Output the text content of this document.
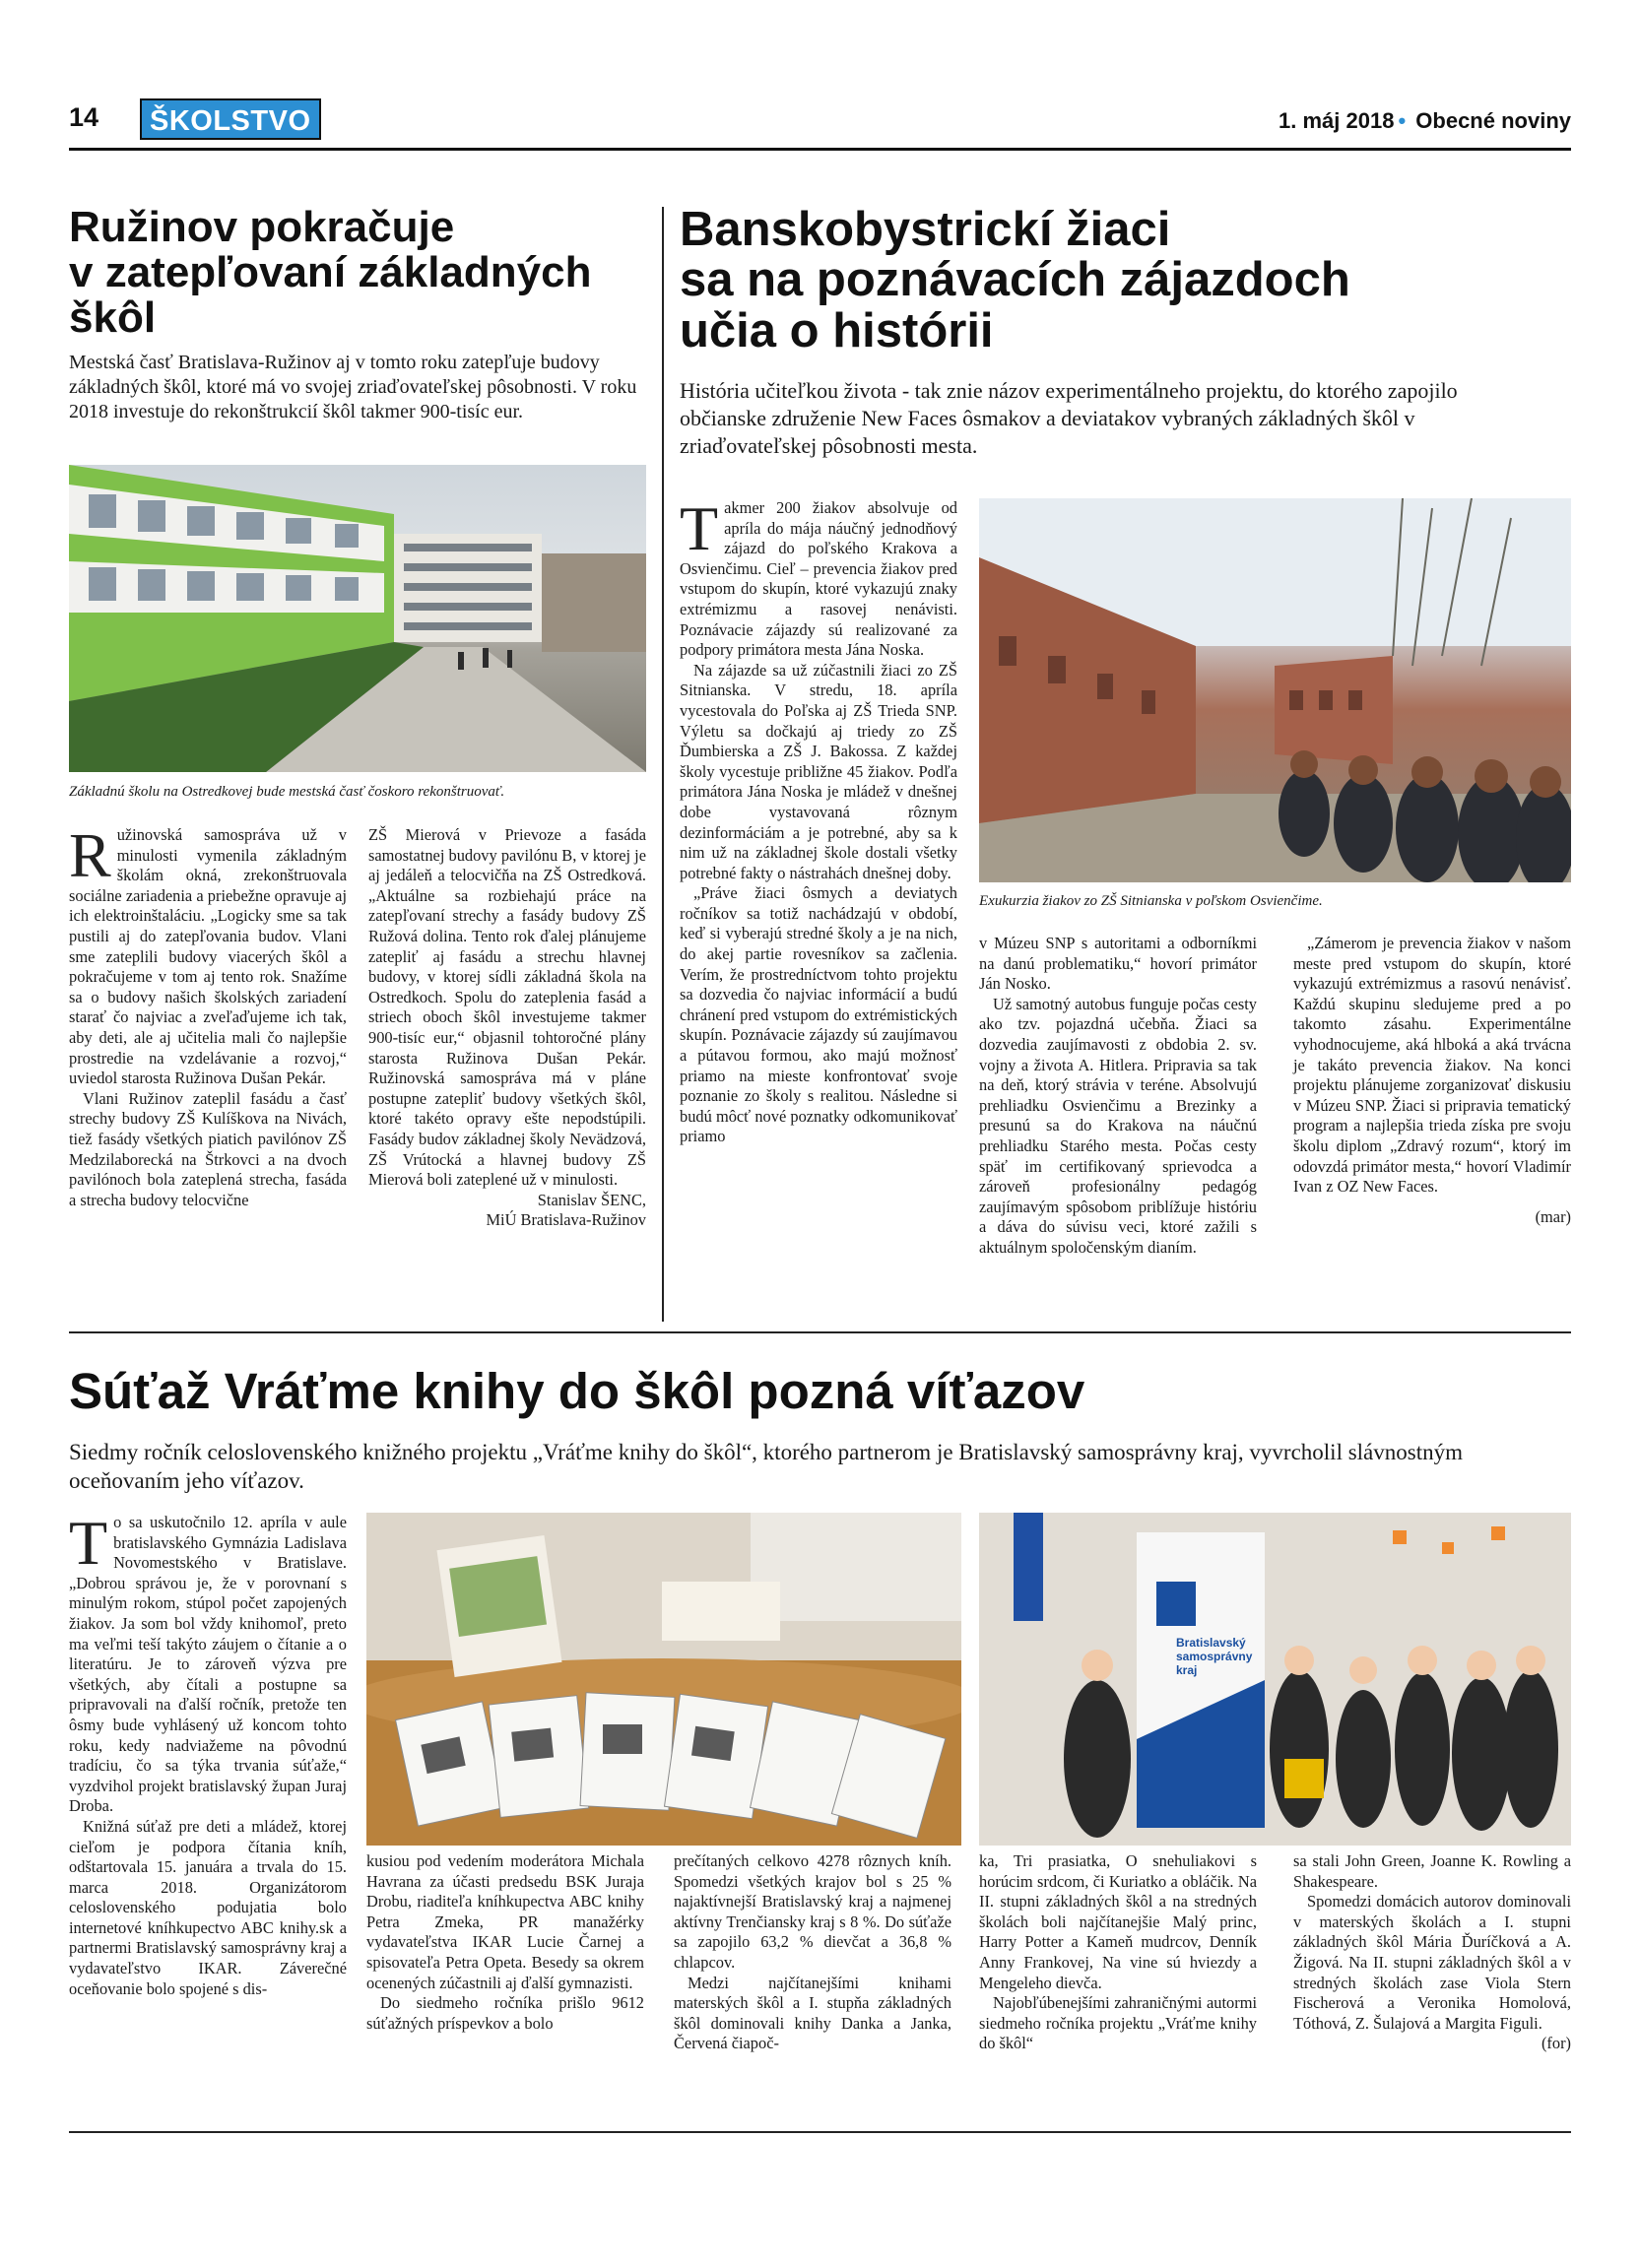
14	ŠKOLSTVO	1. máj 2018 • Obecné noviny
Ružinov pokračuje
v zatepľovaní základných
škôl
Mestská časť Bratislava-Ružinov aj v tomto roku zatepľuje budovy základných škôl, ktoré má vo svojej zriaďovateľskej pôsobnosti. V roku 2018 investuje do rekonštrukcií škôl takmer 900-tisíc eur.
Základnú školu na Ostredkovej bude mestská časť čoskoro rekonštruovať.

Ružinovská samospráva už v minulosti vymenila základným školám okná, zrekonštruovala sociálne zariadenia a priebežne opravuje aj ich elektroinštaláciu. „Logicky sme sa tak pustili aj do zatepľovania budov. Vlani sme zateplili budovy viacerých škôl a pokračujeme v tom aj tento rok. Snažíme sa o budovy našich školských zariadení starať čo najviac a zveľaďujeme ich tak, aby deti, ale aj učitelia mali čo najlepšie prostredie na vzdelávanie a rozvoj,“ uviedol starosta Ružinova Dušan Pekár.

Vlani Ružinov zateplil fasádu a časť strechy budovy ZŠ Kulíškova na Nivách, tiež fasády všetkých piatich pavilónov ZŠ Medzilaborecká na Štrkovci a na dvoch pavilónoch bola zateplená strecha, fasáda a strecha budovy telocvične

ZŠ Mierová v Prievoze a fasáda samostatnej budovy pavilónu B, v ktorej je aj jedáleň a telocvičňa na ZŠ Ostredková. „Aktuálne sa rozbiehajú práce na zatepľovaní strechy a fasády budovy ZŠ Ružová dolina. Tento rok ďalej plánujeme zatepliť aj fasádu a strechu hlavnej budovy, v ktorej sídli základná škola na Ostredkoch. Spolu do zateplenia fasád a striech oboch škôl investujeme takmer 900-tisíc eur,“ objasnil tohtoročné plány starosta Ružinova Dušan Pekár. Ružinovská samospráva má v pláne postupne zatepliť budovy všetkých škôl, ktoré takéto opravy ešte nepodstúpili. Fasády budov základnej školy Nevädzová, ZŠ Vrútocká a hlavnej budovy ZŠ Mierová boli zateplené už v minulosti.

Stanislav ŠENC,
MiÚ Bratislava-Ružinov
Banskobystrickí žiaci
sa na poznávacích zájazdoch
učia o histórii
História učiteľkou života - tak znie názov experimentálneho projektu, do ktorého zapojilo občianske združenie New Faces ôsmakov a deviatakov vybraných základných škôl v zriaďovateľskej pôsobnosti mesta.

Takmer 200 žiakov absolvuje od apríla do mája náučný jednodňový zájazd do poľského Krakova a Osvienčimu. Cieľ – prevencia žiakov pred vstupom do skupín, ktoré vykazujú znaky extrémizmu a rasovej nenávisti. Poznávacie zájazdy sú realizované za podpory primátora mesta Jána Noska.

Na zájazde sa už zúčastnili žiaci zo ZŠ Sitnianska. V stredu, 18. apríla vycestovala do Poľska aj ZŠ Trieda SNP. Výletu sa dočkajú aj triedy zo ZŠ Ďumbierska a ZŠ J. Bakossa. Z každej školy vycestuje približne 45 žiakov. Podľa primátora Jána Noska je mládež v dnešnej dobe vystavovaná rôznym dezinformáciám a je potrebné, aby sa k nim už na základnej škole dostali všetky potrebné fakty o nástrahách dnešnej doby.

„Práve žiaci ôsmych a deviatych ročníkov sa totiž nachádzajú v období, keď si vyberajú stredné školy a je na nich, do akej partie rovesníkov sa začlenia. Verím, že prostredníctvom tohto projektu sa dozvedia čo najviac informácií a budú chránení pred vstupom do extrémistických skupín. Poznávacie zájazdy sú zaujímavou a pútavou formou, ako majú možnosť priamo na mieste konfrontovať svoje poznanie zo školy s realitou. Následne si budú môcť nové poznatky odkomunikovať priamo

Exukurzia žiakov zo ZŠ Sitnianska v poľskom Osvienčime.

v Múzeu SNP s autoritami a odborníkmi na danú problematiku,“ hovorí primátor Ján Nosko.

Už samotný autobus funguje počas cesty ako tzv. pojazdná učebňa. Žiaci sa dozvedia zaujímavosti z obdobia 2. sv. vojny a života A. Hitlera. Pripravia sa tak na deň, ktorý strávia v teréne. Absolvujú prehliadku Osvienčimu a Brezinky a presunú sa do Krakova na náučnú prehliadku Starého mesta. Počas cesty späť im certifikovaný sprievodca a zároveň profesionálny pedagóg zaujímavým spôsobom priblížuje históriu a dáva do súvisu veci, ktoré zažili s aktuálnym spoločenským dianím.

„Zámerom je prevencia žiakov v našom meste pred vstupom do skupín, ktoré vykazujú extrémizmus a rasovú nenávisť. Každú skupinu sledujeme pred a po takomto zásahu. Experimentálne vyhodnocujeme, aká hlboká a aká trvácna je takáto prevencia žiakov. Na konci projektu plánujeme zorganizovať diskusiu v Múzeu SNP. Žiaci si pripravia tematický program a najlepšia trieda získa pre svoju školu diplom „Zdravý rozum“, ktorý im odovzdá primátor mesta,“ hovorí Vladimír Ivan z OZ New Faces.

(mar)
Súťaž Vráťme knihy do škôl pozná víťazov
Siedmy ročník celoslovenského knižného projektu „Vráťme knihy do škôl“, ktorého partnerom je Bratislavský samosprávny kraj, vyvrcholil slávnostným oceňovaním jeho víťazov.

To sa uskutočnilo 12. apríla v aule bratislavského Gymnázia Ladislava Novomestského v Bratislave. „Dobrou správou je, že v porovnaní s minulým rokom, stúpol počet zapojených žiakov. Ja som bol vždy knihomoľ, preto ma veľmi teší takýto záujem o čítanie a o literatúru. Je to zároveň výzva pre všetkých, aby čítali a postupne sa pripravovali na ďalší ročník, pretože ten ôsmy bude vyhlásený už koncom tohto roku, kedy nadviažeme na pôvodnú tradíciu, čo sa týka trvania súťaže,“ vyzdvihol projekt bratislavský župan Juraj Droba.

Knižná súťaž pre deti a mládež, ktorej cieľom je podpora čítania kníh, odštartovala 15. januára a trvala do 15. marca 2018. Organizátorom celoslovenského podujatia bolo internetové kníhkupectvo ABC knihy.sk a partnermi Bratislavský samosprávny kraj a vydavateľstvo IKAR. Záverečné oceňovanie bolo spojené s dis-

Bratislavský samosprávny kraj

kusiou pod vedením moderátora Michala Havrana za účasti predsedu BSK Juraja Drobu, riaditeľa kníhkupectva ABC knihy Petra Zmeka, PR manažérky vydavateľstva IKAR Lucie Čarnej a spisovateľa Petra Opeta. Besedy sa okrem ocenených zúčastnili aj ďalší gymnazisti.

Do siedmeho ročníka prišlo 9612 súťažných príspevkov a bolo

prečítaných celkovo 4278 rôznych kníh. Spomedzi všetkých krajov bol s 25 % najaktívnejší Bratislavský kraj a najmenej aktívny Trenčiansky kraj s 8 %. Do súťaže sa zapojilo 63,2 % dievčat a 36,8 % chlapcov.

Medzi najčítanejšími knihami materských škôl a I. stupňa základných škôl dominovali knihy Danka a Janka, Červená čiapoč-

ka, Tri prasiatka, O snehuliakovi s horúcim srdcom, či Kuriatko a obláčik. Na II. stupni základných škôl a na stredných školách boli najčítanejšie Malý princ, Harry Potter a Kameň mudrcov, Denník Anny Frankovej, Na vine sú hviezdy a Mengeleho dievča.

Najobľúbenejšími zahraničnými autormi siedmeho ročníka projektu „Vráťme knihy do škôl“

sa stali John Green, Joanne K. Rowling a Shakespeare.

Spomedzi domácich autorov dominovali v materských školách a I. stupni základných škôl Mária Ďuríčková a A. Žigová. Na II. stupni základných škôl a v stredných školách zase Viola Stern Fischerová a Veronika Homolová, Tóthová, Z. Šulajová a Margita Figuli.

(for)
